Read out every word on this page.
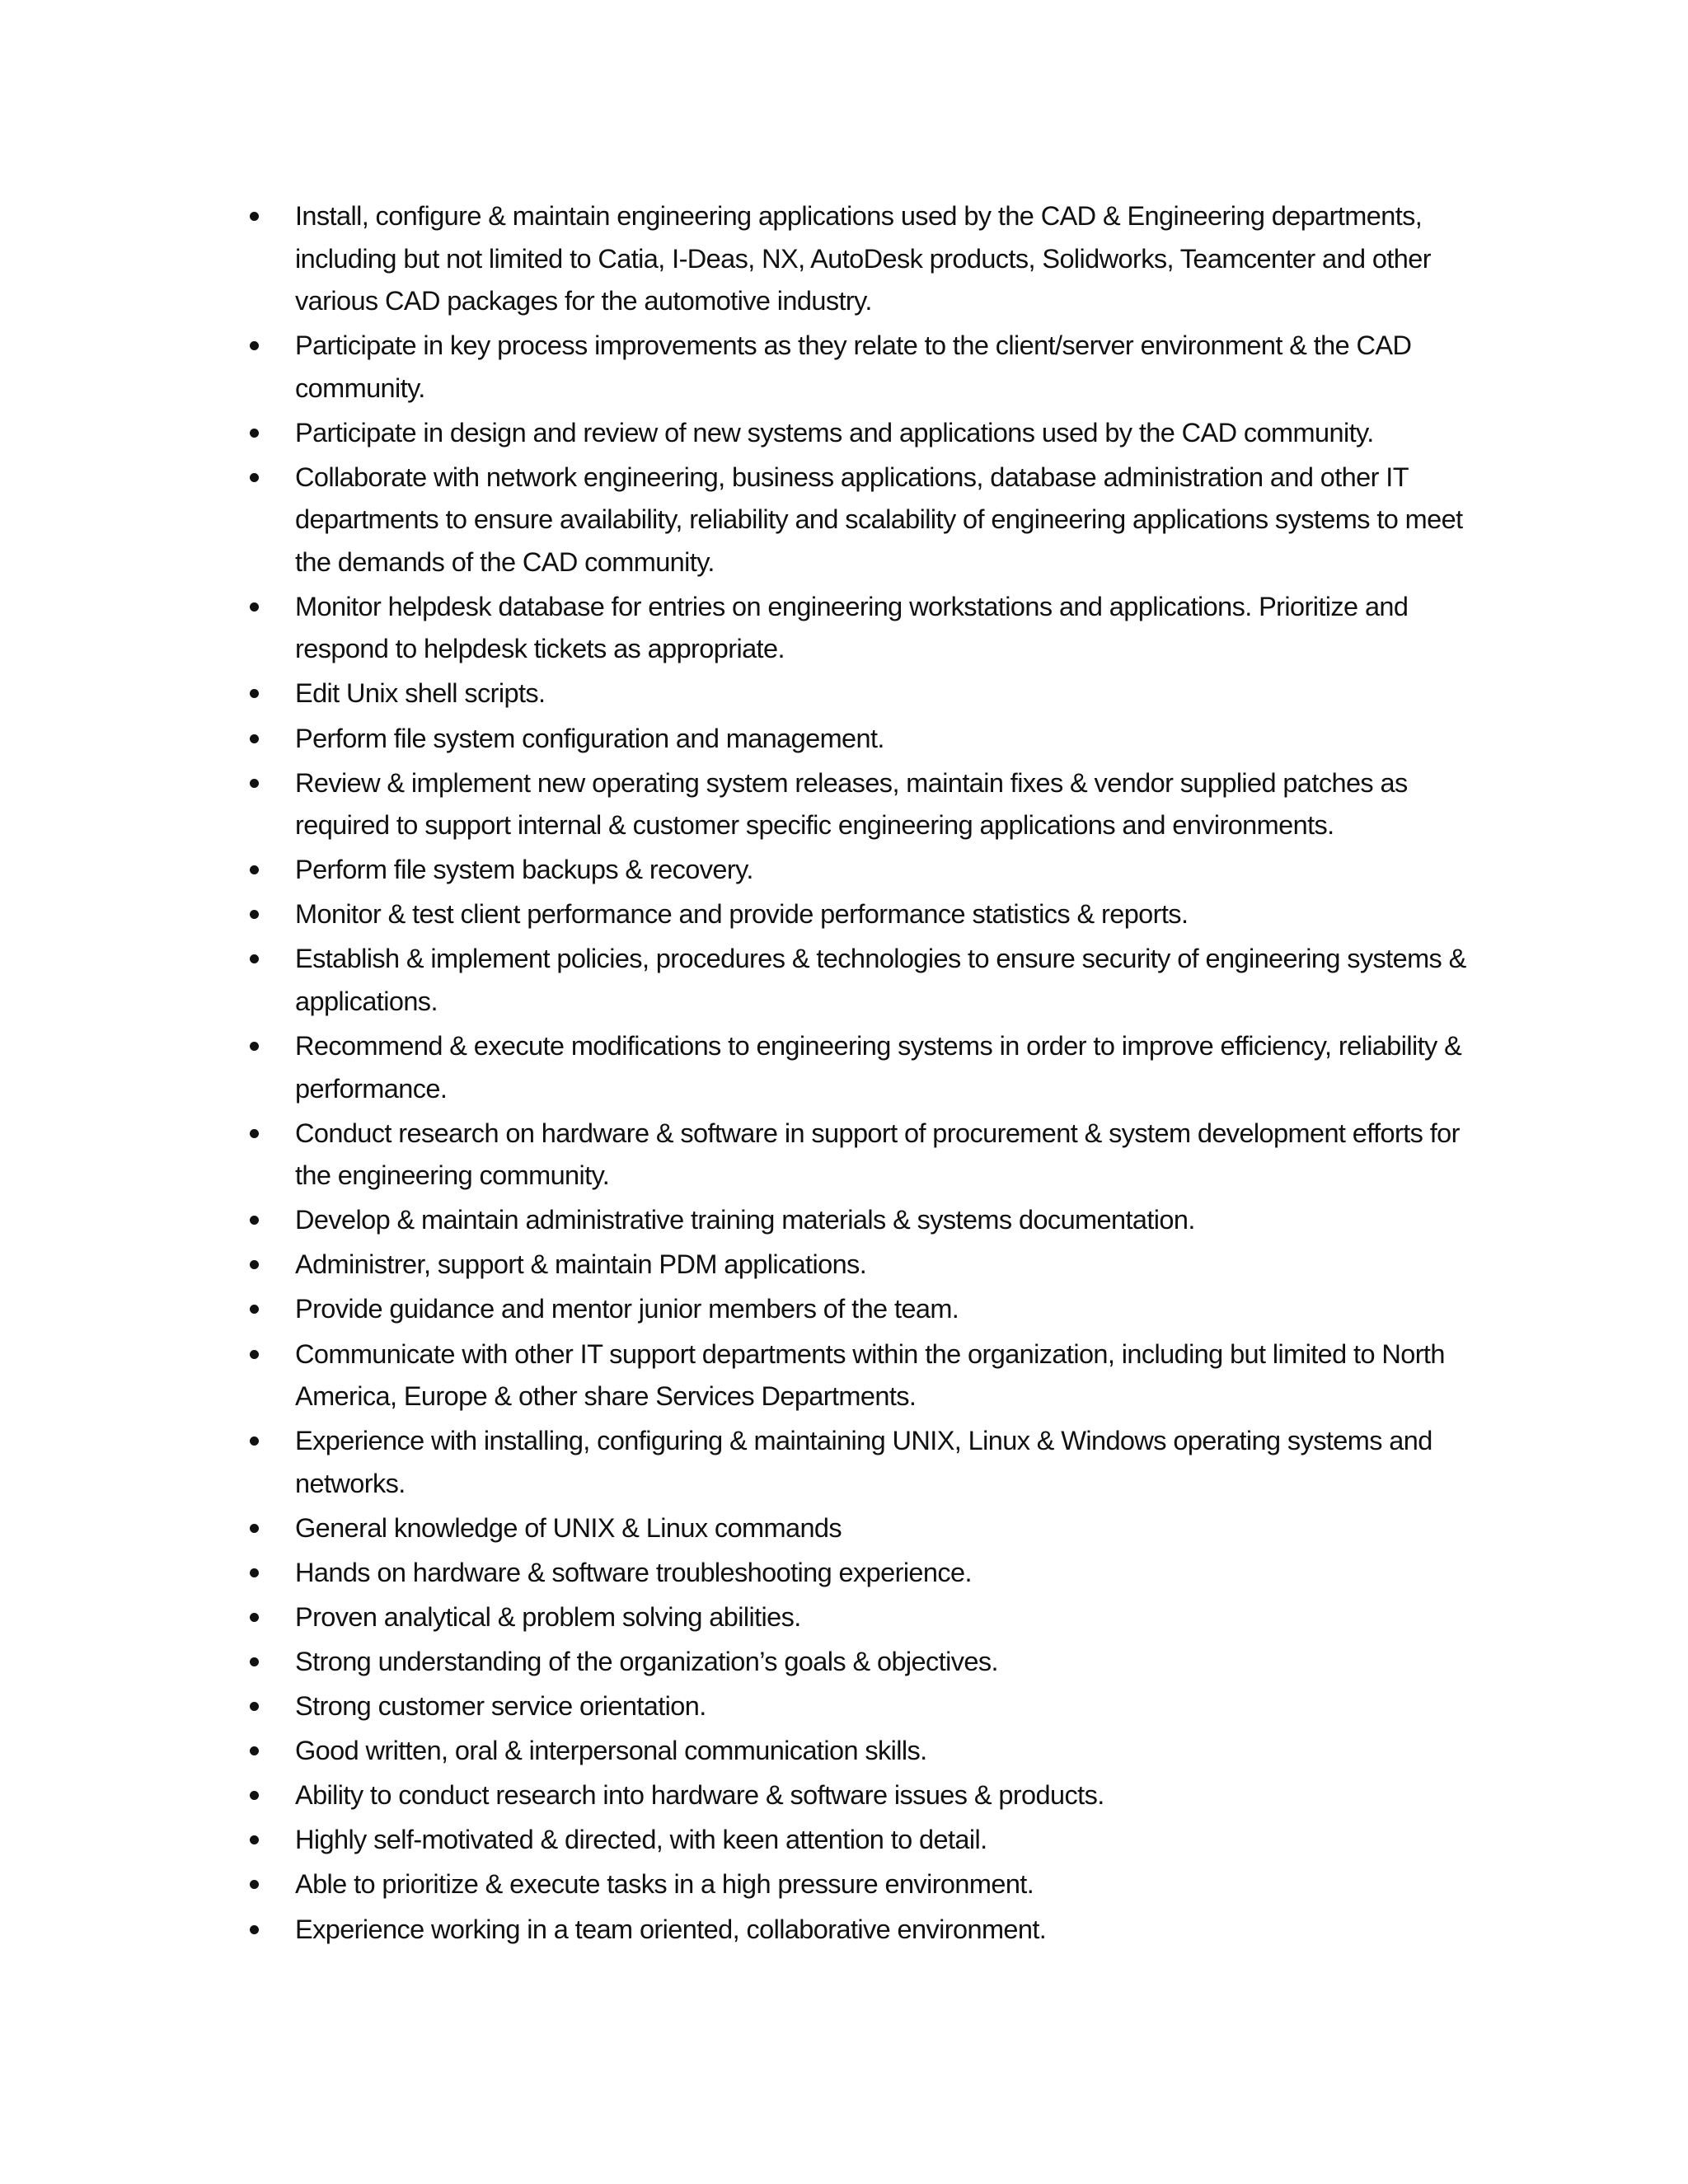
Install, configure & maintain engineering applications used by the CAD & Engineering departments, including but not limited to Catia, I-Deas, NX, AutoDesk products, Solidworks, Teamcenter and other various CAD packages for the automotive industry.
Participate in key process improvements as they relate to the client/server environment & the CAD community.
Participate in design and review of new systems and applications used by the CAD community.
Collaborate with network engineering, business applications, database administration and other IT departments to ensure availability, reliability and scalability of engineering applications systems to meet the demands of the CAD community.
Monitor helpdesk database for entries on engineering workstations and applications. Prioritize and respond to helpdesk tickets as appropriate.
Edit Unix shell scripts.
Perform file system configuration and management.
Review & implement new operating system releases, maintain fixes & vendor supplied patches as required to support internal & customer specific engineering applications and environments.
Perform file system backups & recovery.
Monitor & test client performance and provide performance statistics & reports.
Establish & implement policies, procedures & technologies to ensure security of engineering systems & applications.
Recommend & execute modifications to engineering systems in order to improve efficiency, reliability & performance.
Conduct research on hardware & software in support of procurement & system development efforts for the engineering community.
Develop & maintain administrative training materials & systems documentation.
Administrer, support & maintain PDM applications.
Provide guidance and mentor junior members of the team.
Communicate with other IT support departments within the organization, including but limited to North America, Europe & other share Services Departments.
Experience with installing, configuring & maintaining UNIX, Linux & Windows operating systems and networks.
General knowledge of UNIX & Linux commands
Hands on hardware & software troubleshooting experience.
Proven analytical & problem solving abilities.
Strong understanding of the organization’s goals & objectives.
Strong customer service orientation.
Good written, oral & interpersonal communication skills.
Ability to conduct research into hardware & software issues & products.
Highly self-motivated & directed, with keen attention to detail.
Able to prioritize & execute tasks in a high pressure environment.
Experience working in a team oriented, collaborative environment.
